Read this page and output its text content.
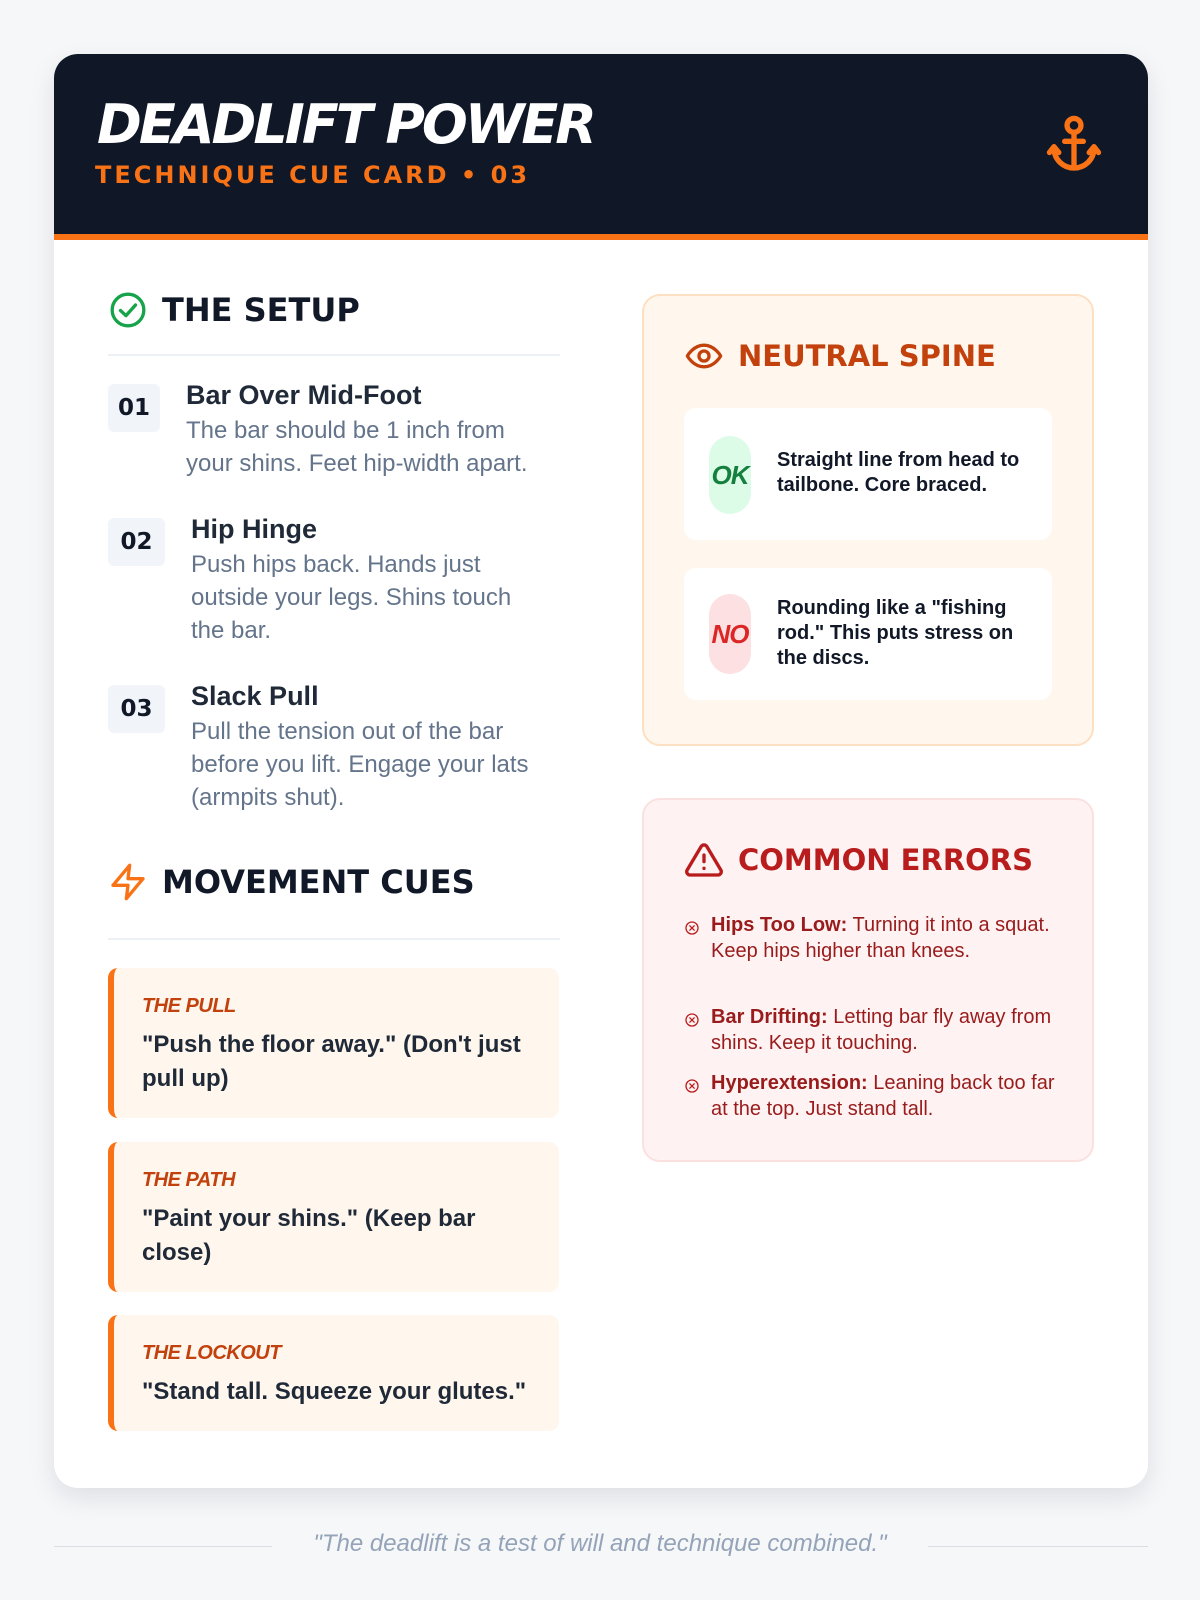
DEADLIFT POWER
TECHNIQUE CUE CARD • 03
THE SETUP
01	Bar Over Mid-Foot
The bar should be 1 inch from your shins. Feet hip-width apart.
02	Hip Hinge
Push hips back. Hands just outside your legs. Shins touch the bar.
03	Slack Pull
Pull the tension out of the bar before you lift. Engage your lats (armpits shut).
MOVEMENT CUES
THE PULL
"Push the floor away." (Don't just pull up)
THE PATH
"Paint your shins." (Keep bar close)
THE LOCKOUT
"Stand tall. Squeeze your glutes."
NEUTRAL SPINE
OK Straight line from head to tailbone. Core braced.
NO
Rounding like a "fishing rod." This puts stress on the discs.
COMMON ERRORS
Hips Too Low: Turning it into a squat. Keep hips higher than knees.
Bar Drifting: Letting bar fly away from shins. Keep it touching.
Hyperextension: Leaning back too far at the top. Just stand tall.
"The deadlift is a test of will and technique combined."
